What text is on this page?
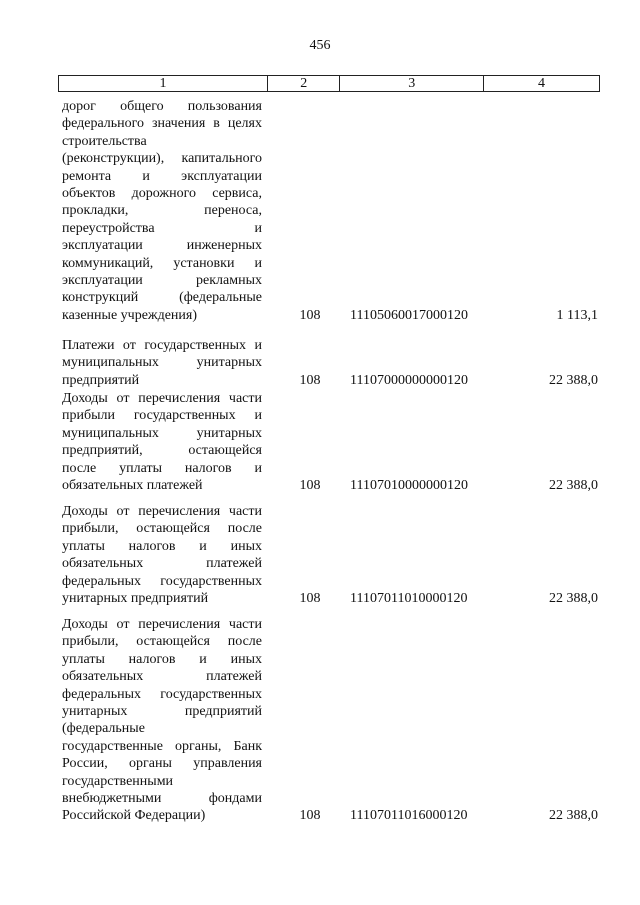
456
1	2	3	4
дорог общего пользования
федерального значения в целях
строительства
(реконструкции), капитального
ремонта и эксплуатации
объектов дорожного сервиса,
прокладки, переноса,
переустройства и
эксплуатации инженерных
коммуникаций, установки и
эксплуатации рекламных
конструкций (федеральные
казенные учреждения)	108 11105060017000120	1 113,1
Платежи от государственных и
муниципальных унитарных
предприятий	108 11107000000000120	22 388,0
Доходы от перечисления части
прибыли государственных и
муниципальных унитарных
предприятий, остающейся
после уплаты налогов и
обязательных платежей	108 11107010000000120	22 388,0
Доходы от перечисления части
прибыли, остающейся после
уплаты налогов и иных
обязательных платежей
федеральных государственных
унитарных предприятий	108 11107011010000120	22 388,0
Доходы от перечисления части
прибыли, остающейся после
уплаты налогов и иных
обязательных платежей
федеральных государственных
унитарных предприятий
(федеральные
государственные органы, Банк
России, органы управления
государственными
внебюджетными фондами
Российской Федерации)	108 11107011016000120	22 388,0
